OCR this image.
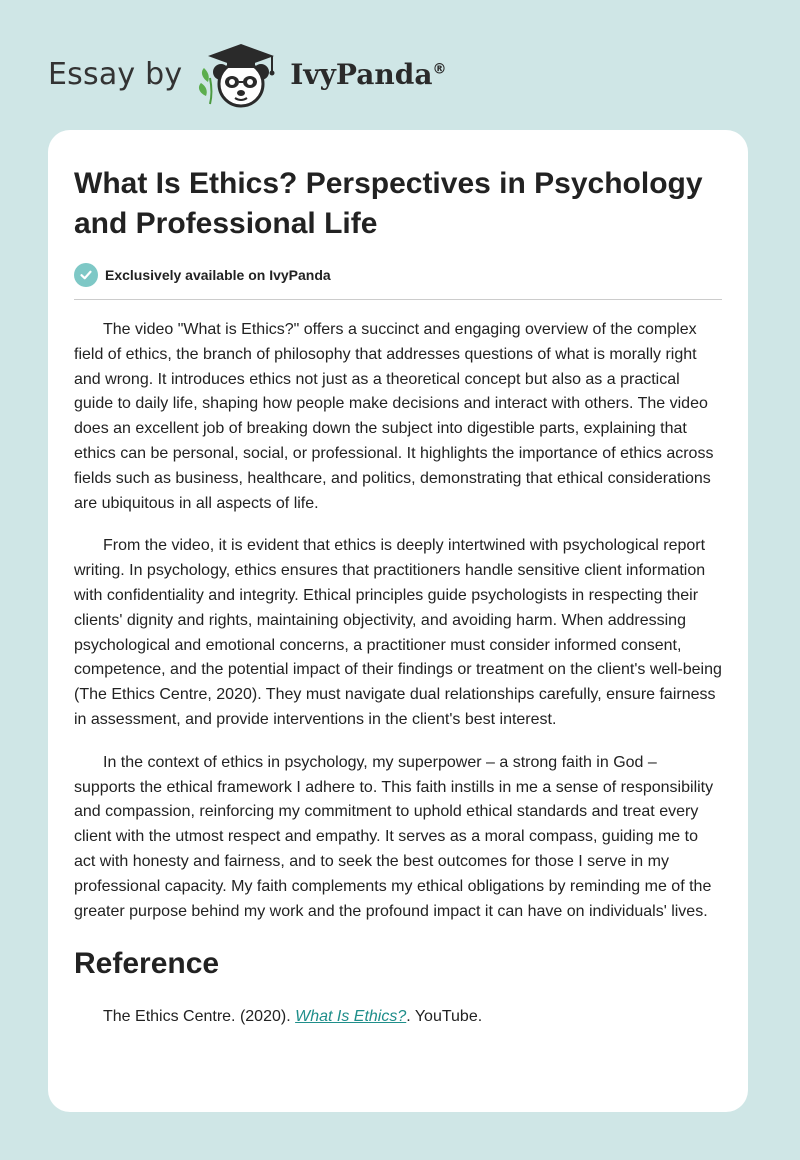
Essay by	IvyPanda®
What Is Ethics? Perspectives in Psychology and Professional Life
Exclusively available on IvyPanda

The video "What is Ethics?" offers a succinct and engaging overview of the complex field of ethics, the branch of philosophy that addresses questions of what is morally right and wrong. It introduces ethics not just as a theoretical concept but also as a practical guide to daily life, shaping how people make decisions and interact with others. The video does an excellent job of breaking down the subject into digestible parts, explaining that ethics can be personal, social, or professional. It highlights the importance of ethics across fields such as business, healthcare, and politics, demonstrating that ethical considerations are ubiquitous in all aspects of life.

From the video, it is evident that ethics is deeply intertwined with psychological report writing. In psychology, ethics ensures that practitioners handle sensitive client information with confidentiality and integrity. Ethical principles guide psychologists in respecting their clients' dignity and rights, maintaining objectivity, and avoiding harm. When addressing psychological and emotional concerns, a practitioner must consider informed consent, competence, and the potential impact of their findings or treatment on the client's well-being (The Ethics Centre, 2020). They must navigate dual relationships carefully, ensure fairness in assessment, and provide interventions in the client's best interest.

In the context of ethics in psychology, my superpower – a strong faith in God – supports the ethical framework I adhere to. This faith instills in me a sense of responsibility and compassion, reinforcing my commitment to uphold ethical standards and treat every client with the utmost respect and empathy. It serves as a moral compass, guiding me to act with honesty and fairness, and to seek the best outcomes for those I serve in my professional capacity. My faith complements my ethical obligations by reminding me of the greater purpose behind my work and the profound impact it can have on individuals' lives.

Reference

The Ethics Centre. (2020). What Is Ethics?. YouTube.
